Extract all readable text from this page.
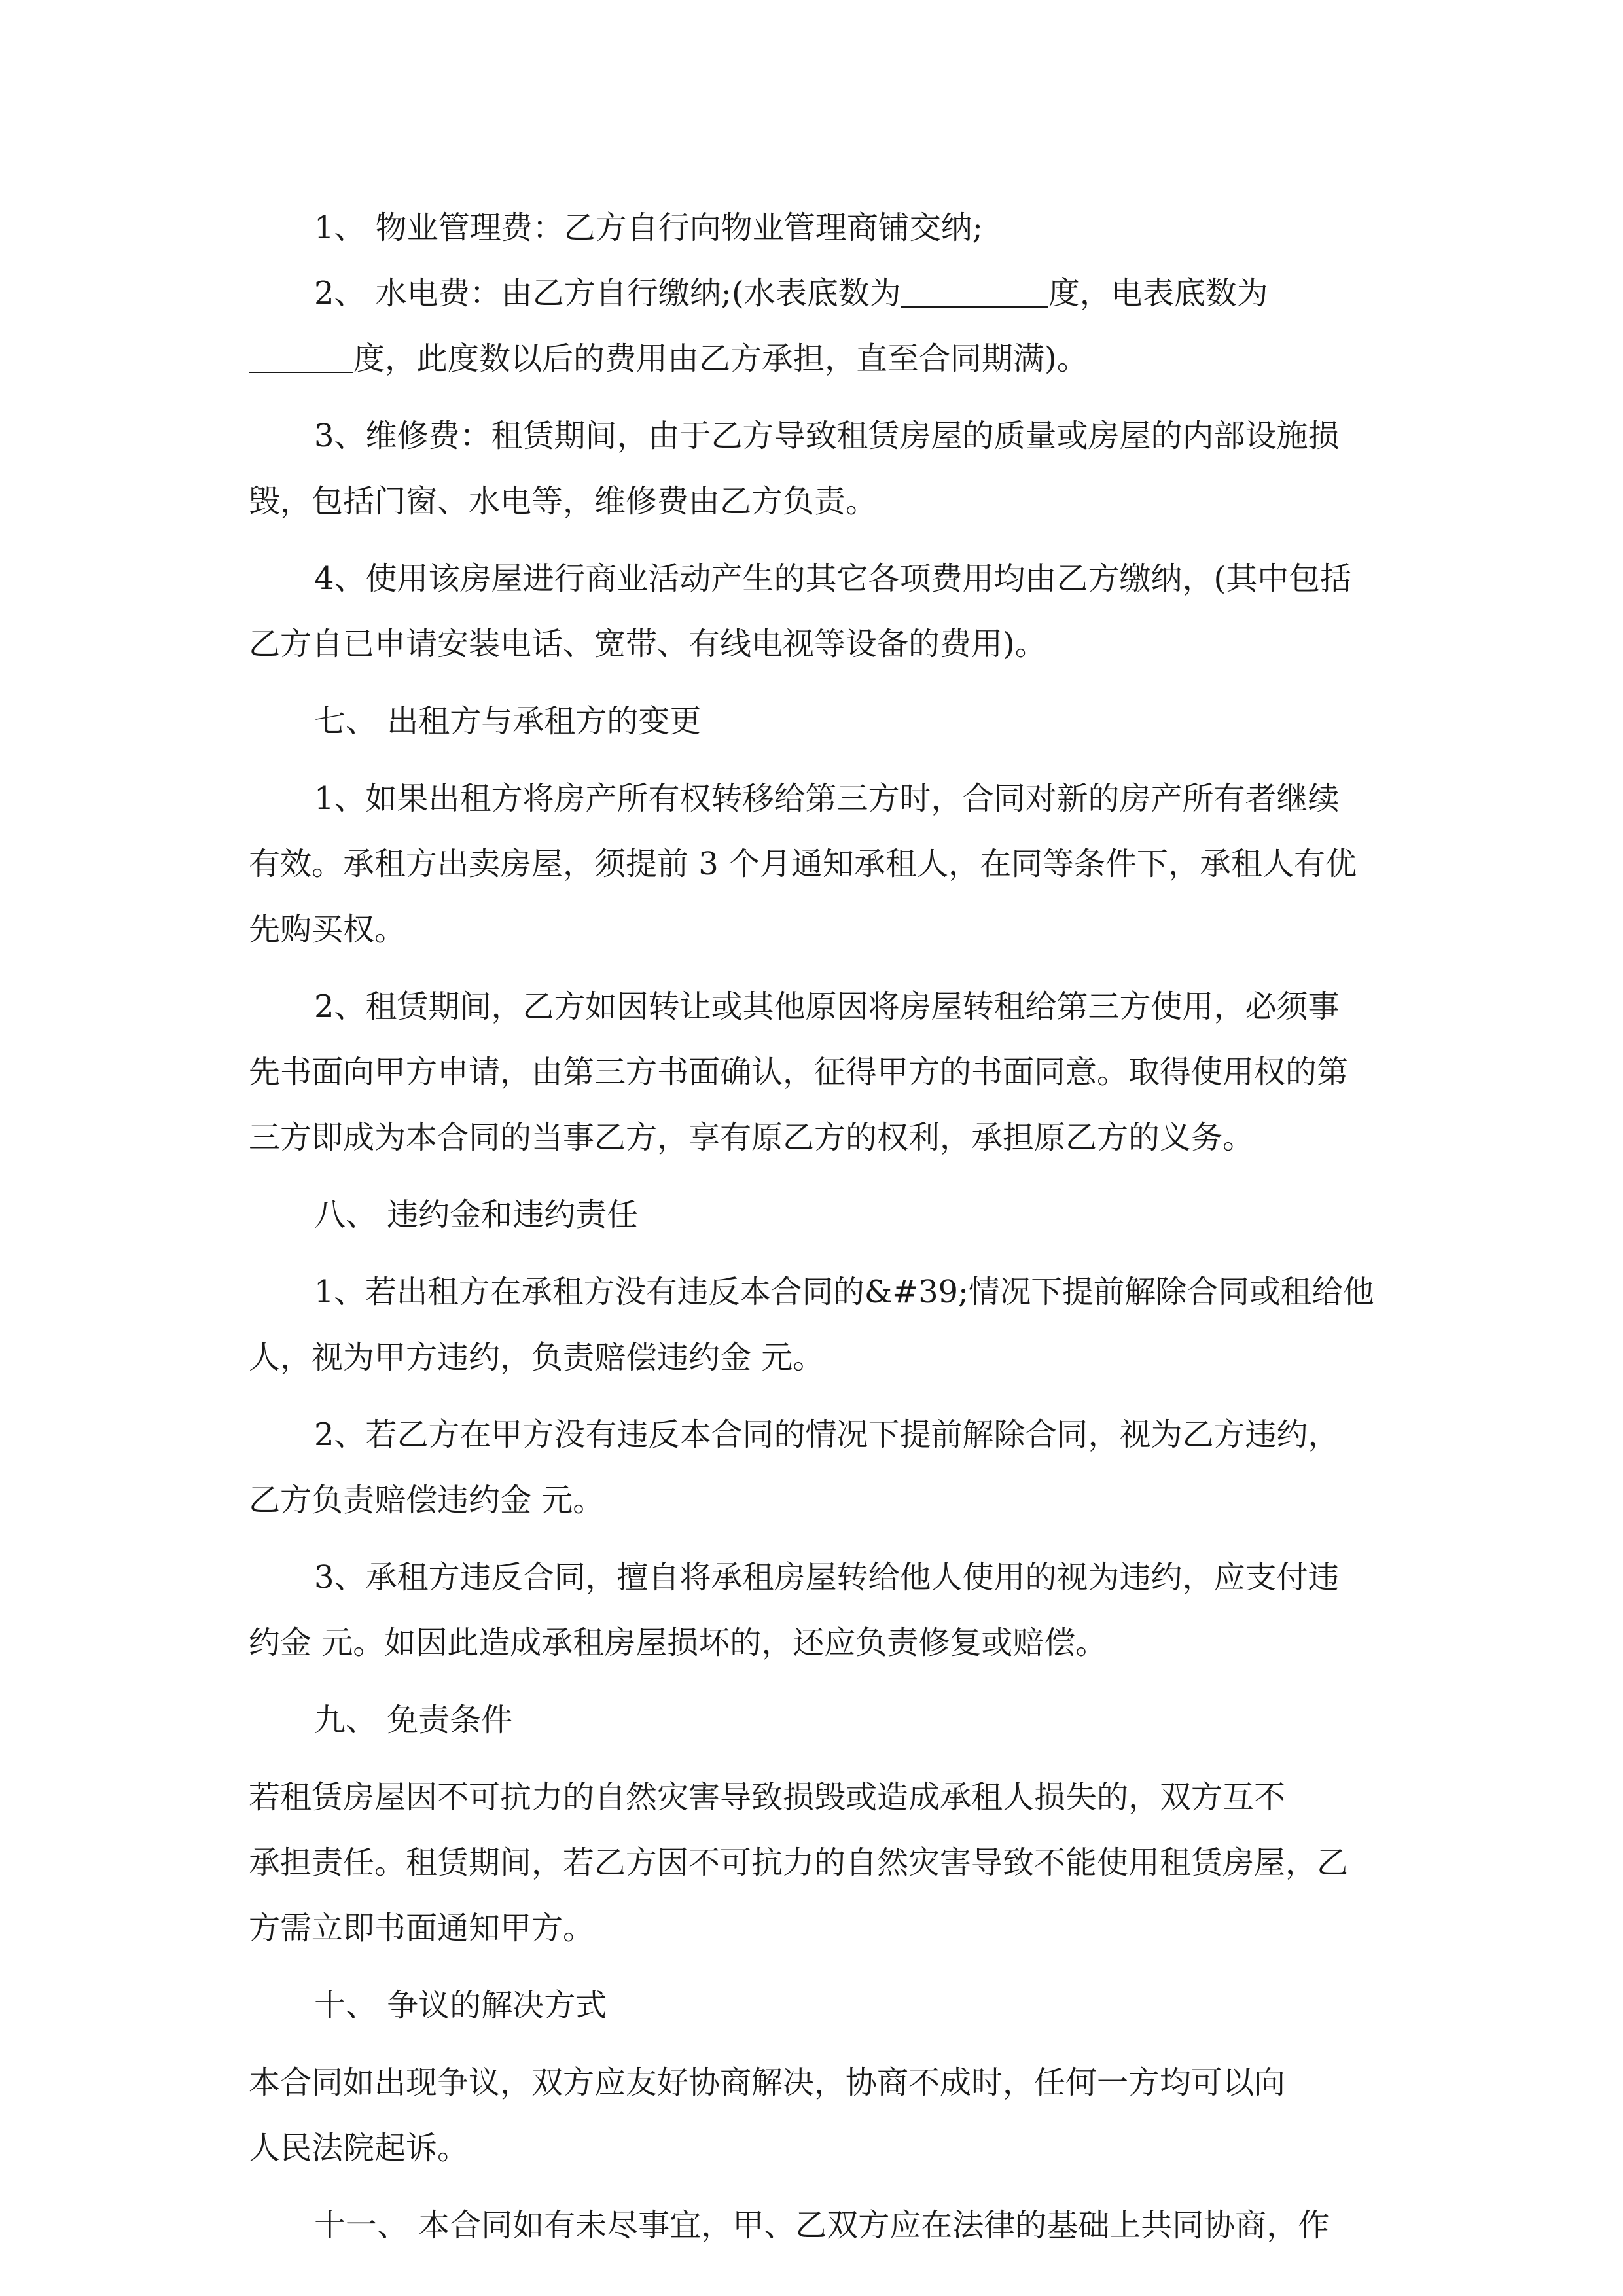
1、 物业管理费：乙方自行向物业管理商铺交纳;
2、 水电费：由乙方自行缴纳;(水表底数为	度，电表底数为
度，此度数以后的费用由乙方承担，直至合同期满)。
3、维修费：租赁期间，由于乙方导致租赁房屋的质量或房屋的内部设施损
毁，包括门窗、水电等，维修费由乙方负责。
4、使用该房屋进行商业活动产生的其它各项费用均由乙方缴纳，(其中包括
乙方自已申请安装电话、宽带、有线电视等设备的费用)。
七、 出租方与承租方的变更
1、如果出租方将房产所有权转移给第三方时，合同对新的房产所有者继续
有效。承租方出卖房屋，须提前 3 个月通知承租人，在同等条件下，承租人有优
先购买权。
2、租赁期间，乙方如因转让或其他原因将房屋转租给第三方使用，必须事
先书面向甲方申请，由第三方书面确认，征得甲方的书面同意。取得使用权的第
三方即成为本合同的当事乙方，享有原乙方的权利，承担原乙方的义务。
八、 违约金和违约责任
1、若出租方在承租方没有违反本合同的&#39;情况下提前解除合同或租给他
人，视为甲方违约，负责赔偿违约金 元。
2、若乙方在甲方没有违反本合同的情况下提前解除合同，视为乙方违约，
乙方负责赔偿违约金 元。
3、承租方违反合同，擅自将承租房屋转给他人使用的视为违约，应支付违
约金 元。如因此造成承租房屋损坏的，还应负责修复或赔偿。
九、 免责条件
若租赁房屋因不可抗力的自然灾害导致损毁或造成承租人损失的，双方互不
承担责任。租赁期间，若乙方因不可抗力的自然灾害导致不能使用租赁房屋，乙
方需立即书面通知甲方。
十、 争议的解决方式
本合同如出现争议，双方应友好协商解决，协商不成时，任何一方均可以向
人民法院起诉。
十一、 本合同如有未尽事宜，甲、乙双方应在法律的基础上共同协商，作
